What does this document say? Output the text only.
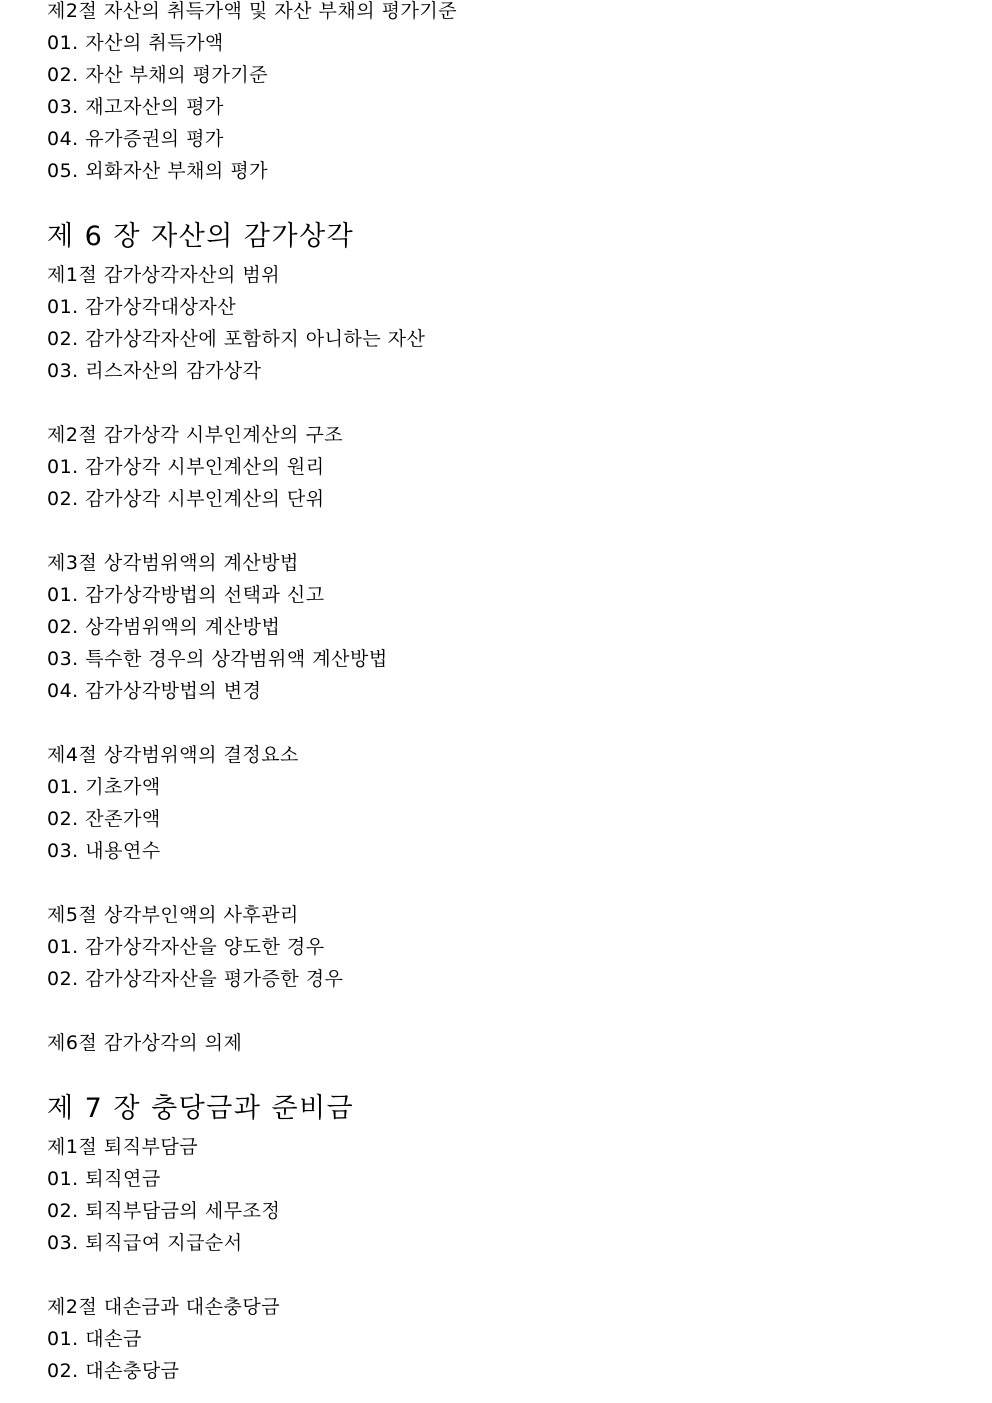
제2절 자산의 취득가액 및 자산 부채의 평가기준

01. 자산의 취득가액

02. 자산 부채의 평가기준

03. 재고자산의 평가

04. 유가증권의 평가

05. 외화자산 부채의 평가

제 6 장 자산의 감가상각

제1절 감가상각자산의 범위

01. 감가상각대상자산

02. 감가상각자산에 포함하지 아니하는 자산

03. 리스자산의 감가상각

제2절 감가상각 시부인계산의 구조

01. 감가상각 시부인계산의 원리

02. 감가상각 시부인계산의 단위

제3절 상각범위액의 계산방법

01. 감가상각방법의 선택과 신고

02. 상각범위액의 계산방법

03. 특수한 경우의 상각범위액 계산방법

04. 감가상각방법의 변경

제4절 상각범위액의 결정요소

01. 기초가액

02. 잔존가액

03. 내용연수

제5절 상각부인액의 사후관리

01. 감가상각자산을 양도한 경우

02. 감가상각자산을 평가증한 경우

제6절 감가상각의 의제

제 7 장 충당금과 준비금

제1절 퇴직부담금

01. 퇴직연금

02. 퇴직부담금의 세무조정

03. 퇴직급여 지급순서

제2절 대손금과 대손충당금

01. 대손금

02. 대손충당금
